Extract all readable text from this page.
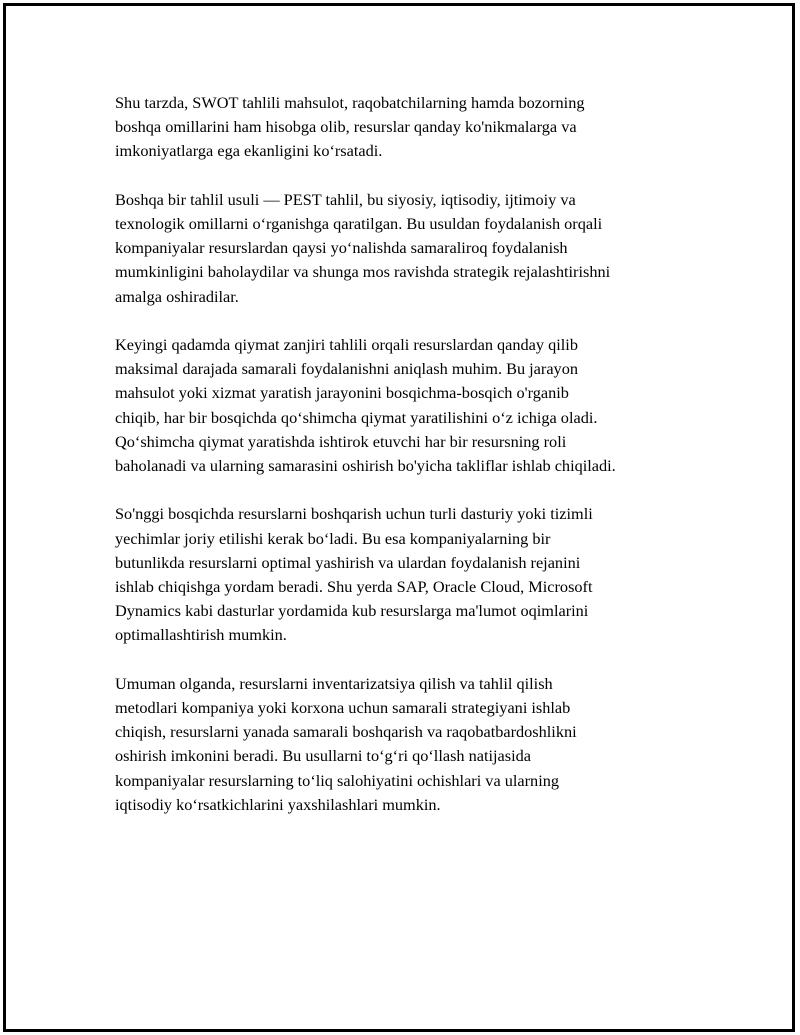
Shu tarzda, SWOT tahlili mahsulot, raqobatchilarning hamda bozorning
boshqa omillarini ham hisobga olib, resurslar qanday ko'nikmalarga va
imkoniyatlarga ega ekanligini ko‘rsatadi.
Boshqa bir tahlil usuli — PEST tahlil, bu siyosiy, iqtisodiy, ijtimoiy va
texnologik omillarni o‘rganishga qaratilgan. Bu usuldan foydalanish orqali
kompaniyalar resurslardan qaysi yo‘nalishda samaraliroq foydalanish
mumkinligini baholaydilar va shunga mos ravishda strategik rejalashtirishni
amalga oshiradilar.
Keyingi qadamda qiymat zanjiri tahlili orqali resurslardan qanday qilib
maksimal darajada samarali foydalanishni aniqlash muhim. Bu jarayon
mahsulot yoki xizmat yaratish jarayonini bosqichma-bosqich o'rganib
chiqib, har bir bosqichda qo‘shimcha qiymat yaratilishini o‘z ichiga oladi.
Qo‘shimcha qiymat yaratishda ishtirok etuvchi har bir resursning roli
baholanadi va ularning samarasini oshirish bo'yicha takliflar ishlab chiqiladi.
So'nggi bosqichda resurslarni boshqarish uchun turli dasturiy yoki tizimli
yechimlar joriy etilishi kerak bo‘ladi. Bu esa kompaniyalarning bir
butunlikda resurslarni optimal yashirish va ulardan foydalanish rejanini
ishlab chiqishga yordam beradi. Shu yerda SAP, Oracle Cloud, Microsoft
Dynamics kabi dasturlar yordamida kub resurslarga ma'lumot oqimlarini
optimallashtirish mumkin.
Umuman olganda, resurslarni inventarizatsiya qilish va tahlil qilish
metodlari kompaniya yoki korxona uchun samarali strategiyani ishlab
chiqish, resurslarni yanada samarali boshqarish va raqobatbardoshlikni
oshirish imkonini beradi. Bu usullarni to‘g‘ri qo‘llash natijasida
kompaniyalar resurslarning to‘liq salohiyatini ochishlari va ularning
iqtisodiy ko‘rsatkichlarini yaxshilashlari mumkin.
